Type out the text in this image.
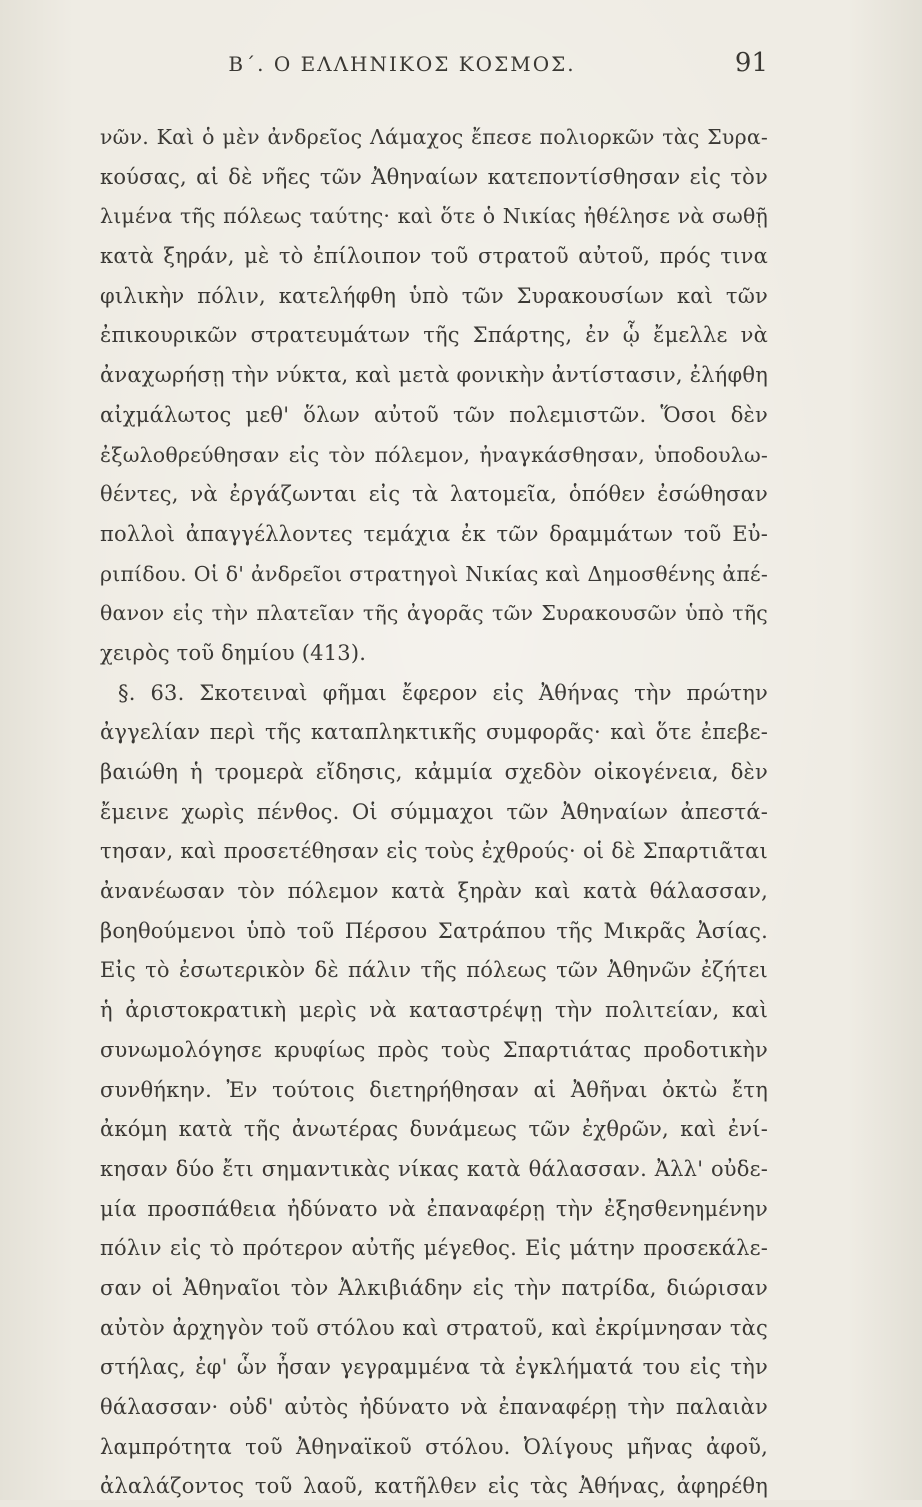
Β΄. Ο ΕΛΛΗΝΙΚΟΣ ΚΟΣΜΟΣ.	91
νῶν. Καὶ ὁ μὲν ἀνδρεῖος Λάμαχος ἔπεσε πολιορκῶν τὰς Συρα-
κούσας, αἱ δὲ νῆες τῶν Ἀθηναίων κατεποντίσθησαν εἰς τὸν
λιμένα τῆς πόλεως ταύτης· καὶ ὅτε ὁ Νικίας ἠθέλησε νὰ σωθῇ
κατὰ ξηράν, μὲ τὸ ἐπίλοιπον τοῦ στρατοῦ αὐτοῦ, πρός τινα
φιλικὴν πόλιν, κατελήφθη ὑπὸ τῶν Συρακουσίων καὶ τῶν
ἐπικουρικῶν στρατευμάτων τῆς Σπάρτης, ἐν ᾧ ἔμελλε νὰ
ἀναχωρήσῃ τὴν νύκτα, καὶ μετὰ φονικὴν ἀντίστασιν, ἐλήφθη
αἰχμάλωτος μεθ' ὅλων αὐτοῦ τῶν πολεμιστῶν. Ὅσοι δὲν
ἐξωλοθρεύθησαν εἰς τὸν πόλεμον, ἠναγκάσθησαν, ὑποδουλω-
θέντες, νὰ ἐργάζωνται εἰς τὰ λατομεῖα, ὁπόθεν ἐσώθησαν
πολλοὶ ἀπαγγέλλοντες τεμάχια ἐκ τῶν δραμμάτων τοῦ Εὐ-
ριπίδου. Οἱ δ' ἀνδρεῖοι στρατηγοὶ Νικίας καὶ Δημοσθένης ἀπέ-
θανον εἰς τὴν πλατεῖαν τῆς ἀγορᾶς τῶν Συρακουσῶν ὑπὸ τῆς
χειρὸς τοῦ δημίου (413).
§. 63. Σκοτειναὶ φῆμαι ἔφερον εἰς Ἀθήνας τὴν πρώτην
ἀγγελίαν περὶ τῆς καταπληκτικῆς συμφορᾶς· καὶ ὅτε ἐπεβε-
βαιώθη ἡ τρομερὰ εἴδησις, κἀμμία σχεδὸν οἰκογένεια, δὲν
ἔμεινε χωρὶς πένθος. Οἱ σύμμαχοι τῶν Ἀθηναίων ἀπεστά-
τησαν, καὶ προσετέθησαν εἰς τοὺς ἐχθρούς· οἱ δὲ Σπαρτιᾶται
ἀνανέωσαν τὸν πόλεμον κατὰ ξηρὰν καὶ κατὰ θάλασσαν,
βοηθούμενοι ὑπὸ τοῦ Πέρσου Σατράπου τῆς Μικρᾶς Ἀσίας.
Εἰς τὸ ἐσωτερικὸν δὲ πάλιν τῆς πόλεως τῶν Ἀθηνῶν ἐζήτει
ἡ ἀριστοκρατικὴ μερὶς νὰ καταστρέψῃ τὴν πολιτείαν, καὶ
συνωμολόγησε κρυφίως πρὸς τοὺς Σπαρτιάτας προδοτικὴν
συνθήκην. Ἐν τούτοις διετηρήθησαν αἱ Ἀθῆναι ὀκτὼ ἔτη
ἀκόμη κατὰ τῆς ἀνωτέρας δυνάμεως τῶν ἐχθρῶν, καὶ ἐνί-
κησαν δύο ἔτι σημαντικὰς νίκας κατὰ θάλασσαν. Ἀλλ' οὐδε-
μία προσπάθεια ἠδύνατο νὰ ἐπαναφέρῃ τὴν ἐξησθενημένην
πόλιν εἰς τὸ πρότερον αὐτῆς μέγεθος. Εἰς μάτην προσεκάλε-
σαν οἱ Ἀθηναῖοι τὸν Ἀλκιβιάδην εἰς τὴν πατρίδα, διώρισαν
αὐτὸν ἀρχηγὸν τοῦ στόλου καὶ στρατοῦ, καὶ ἐκρίμνησαν τὰς
στήλας, ἐφ' ὧν ἦσαν γεγραμμένα τὰ ἐγκλήματά του εἰς τὴν
θάλασσαν· οὐδ' αὐτὸς ἠδύνατο νὰ ἐπαναφέρῃ τὴν παλαιὰν
λαμπρότητα τοῦ Ἀθηναϊκοῦ στόλου. Ὀλίγους μῆνας ἀφοῦ,
ἀλαλάζοντος τοῦ λαοῦ, κατῆλθεν εἰς τὰς Ἀθήνας, ἀφηρέθη
